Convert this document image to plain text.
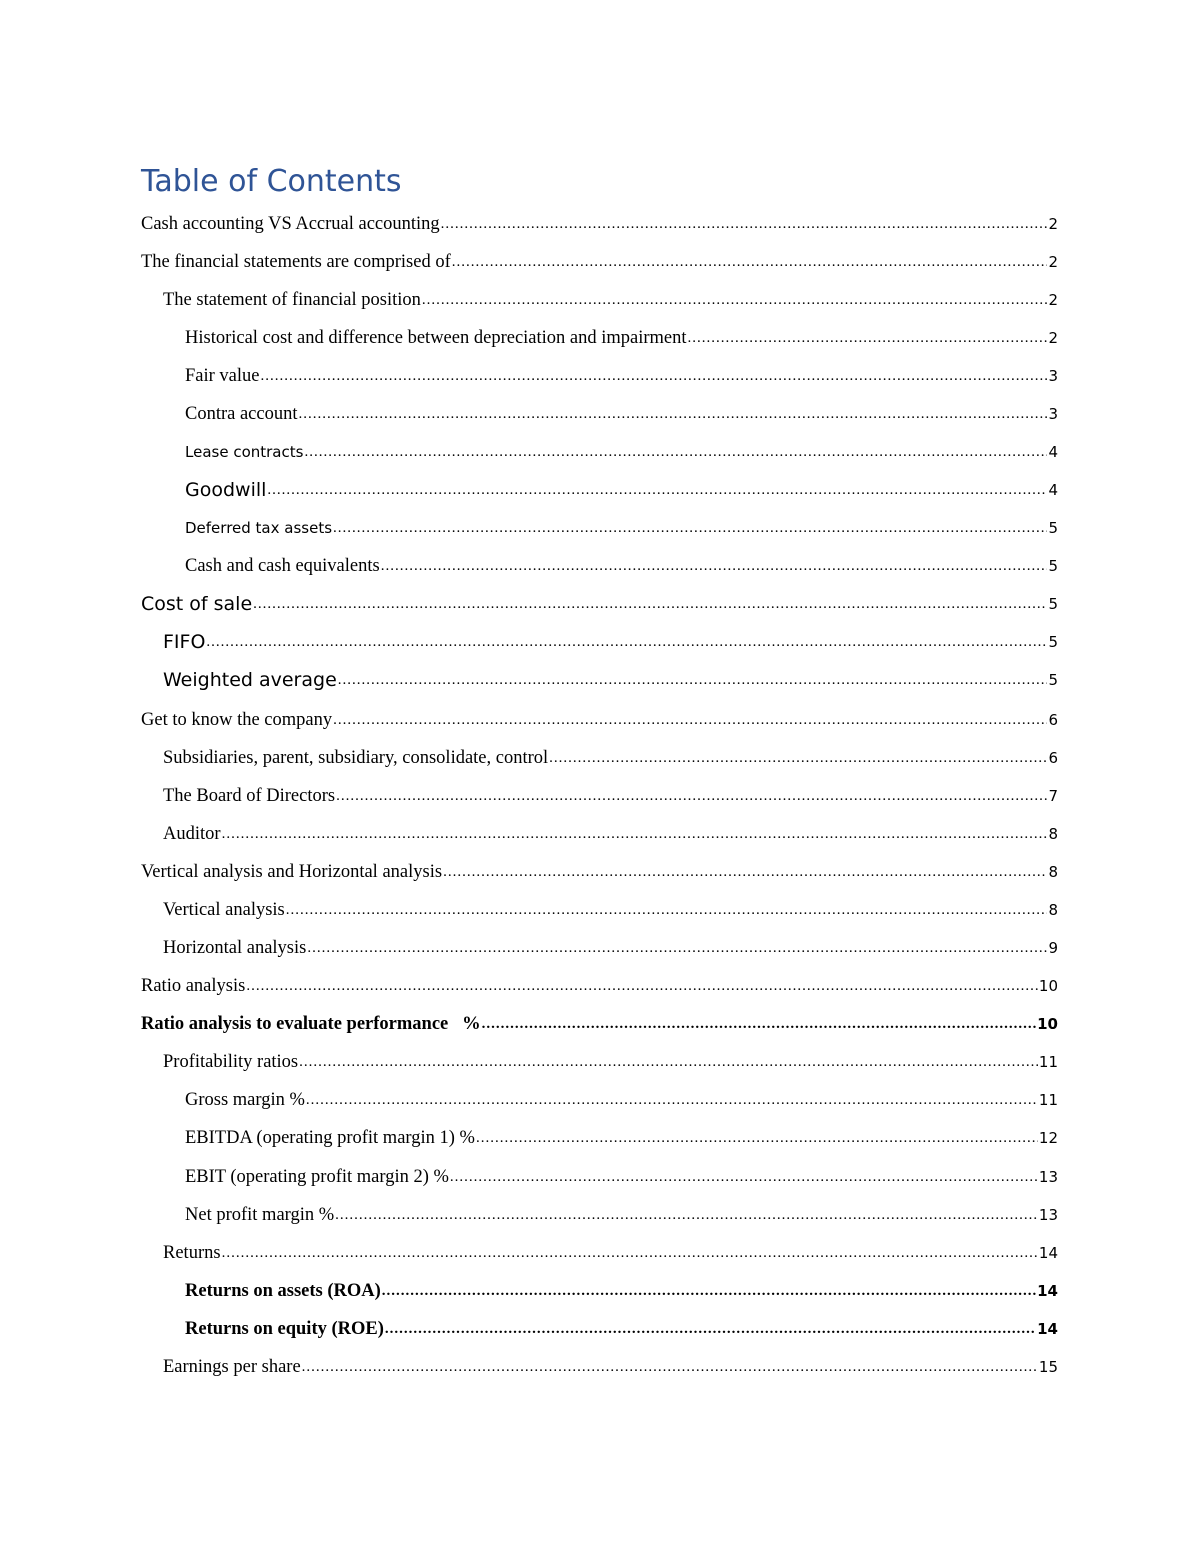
Table of Contents
Cash accounting VS Accrual accounting .....	2
The financial statements are comprised of .....	2
The statement of financial position .....	2
Historical cost and difference between depreciation and impairment .....	2
Fair value .....	3
Contra account .....	3
Lease contracts .....	4
Goodwill .....	4
Deferred tax assets .....	5
Cash and cash equivalents .....	5
Cost of sale .....	5
FIFO .....	5
Weighted average .....	5
Get to know the company .....	6
Subsidiaries, parent, subsidiary, consolidate, control .....	6
The Board of Directors .....	7
Auditor .....	8
Vertical analysis and Horizontal analysis .....	8
Vertical analysis .....	8
Horizontal analysis .....	9
Ratio analysis .....	10
Ratio analysis to evaluate performance   % .....	10
Profitability ratios .....	11
Gross margin % .....	11
EBITDA (operating profit margin 1) % .....	12
EBIT (operating profit margin 2) % .....	13
Net profit margin % .....	13
Returns .....	14
Returns on assets (ROA) .....	14
Returns on equity (ROE) .....	14
Earnings per share .....	15
